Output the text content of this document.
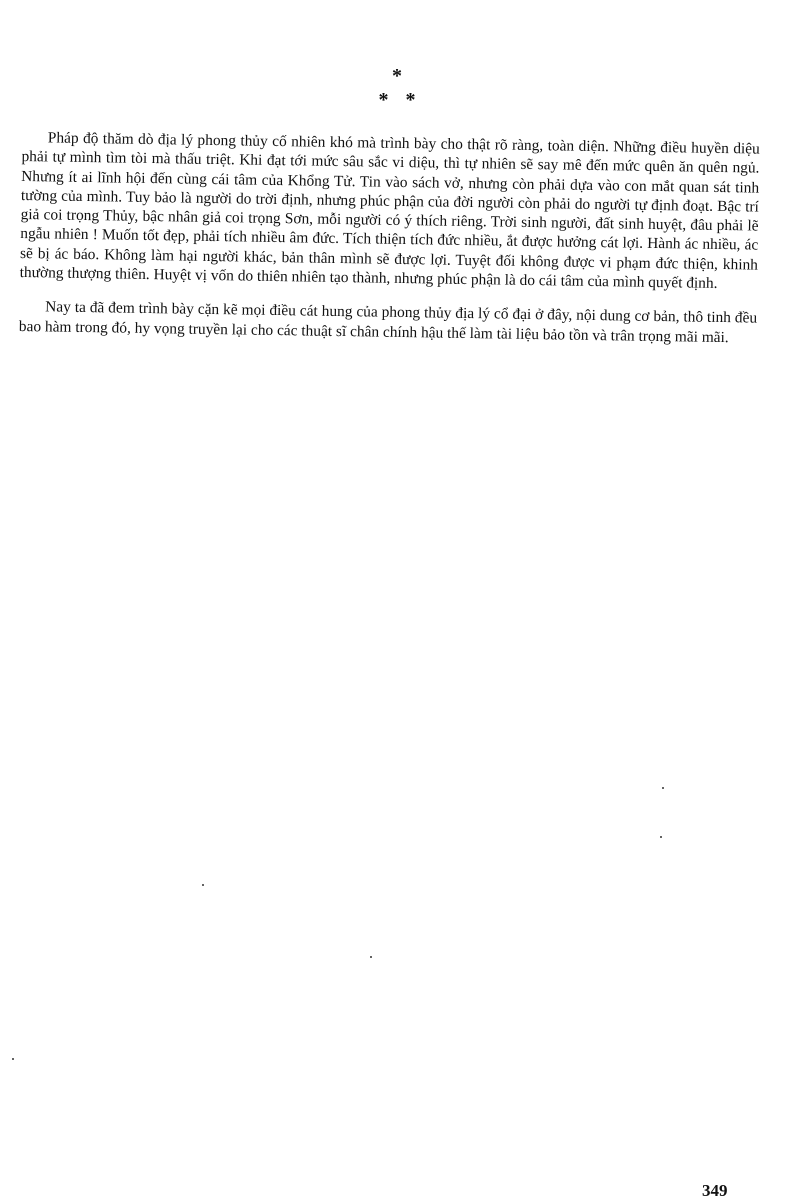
*
* *

Pháp độ thăm dò địa lý phong thủy cố nhiên khó mà trình bày cho thật rõ ràng, toàn diện. Những điều huyền diệu phải tự mình tìm tòi mà thấu triệt. Khi đạt tới mức sâu sắc vi diệu, thì tự nhiên sẽ say mê đến mức quên ăn quên ngủ. Nhưng ít ai lĩnh hội đến cùng cái tâm của Khổng Tử. Tin vào sách vở, nhưng còn phải dựa vào con mắt quan sát tinh tường của mình. Tuy bảo là người do trời định, nhưng phúc phận của đời người còn phải do người tự định đoạt. Bậc trí giả coi trọng Thủy, bậc nhân giả coi trọng Sơn, mỗi người có ý thích riêng. Trời sinh người, đất sinh huyệt, đâu phải lẽ ngẫu nhiên ! Muốn tốt đẹp, phải tích nhiều âm đức. Tích thiện tích đức nhiều, ắt được hưởng cát lợi. Hành ác nhiều, ác sẽ bị ác báo. Không làm hại người khác, bản thân mình sẽ được lợi. Tuyệt đối không được vi phạm đức thiện, khinh thường thượng thiên. Huyệt vị vốn do thiên nhiên tạo thành, nhưng phúc phận là do cái tâm của mình quyết định.

Nay ta đã đem trình bày cặn kẽ mọi điều cát hung của phong thủy địa lý cổ đại ở đây, nội dung cơ bản, thô tinh đều bao hàm trong đó, hy vọng truyền lại cho các thuật sĩ chân chính hậu thế làm tài liệu bảo tồn và trân trọng mãi mãi.

349
